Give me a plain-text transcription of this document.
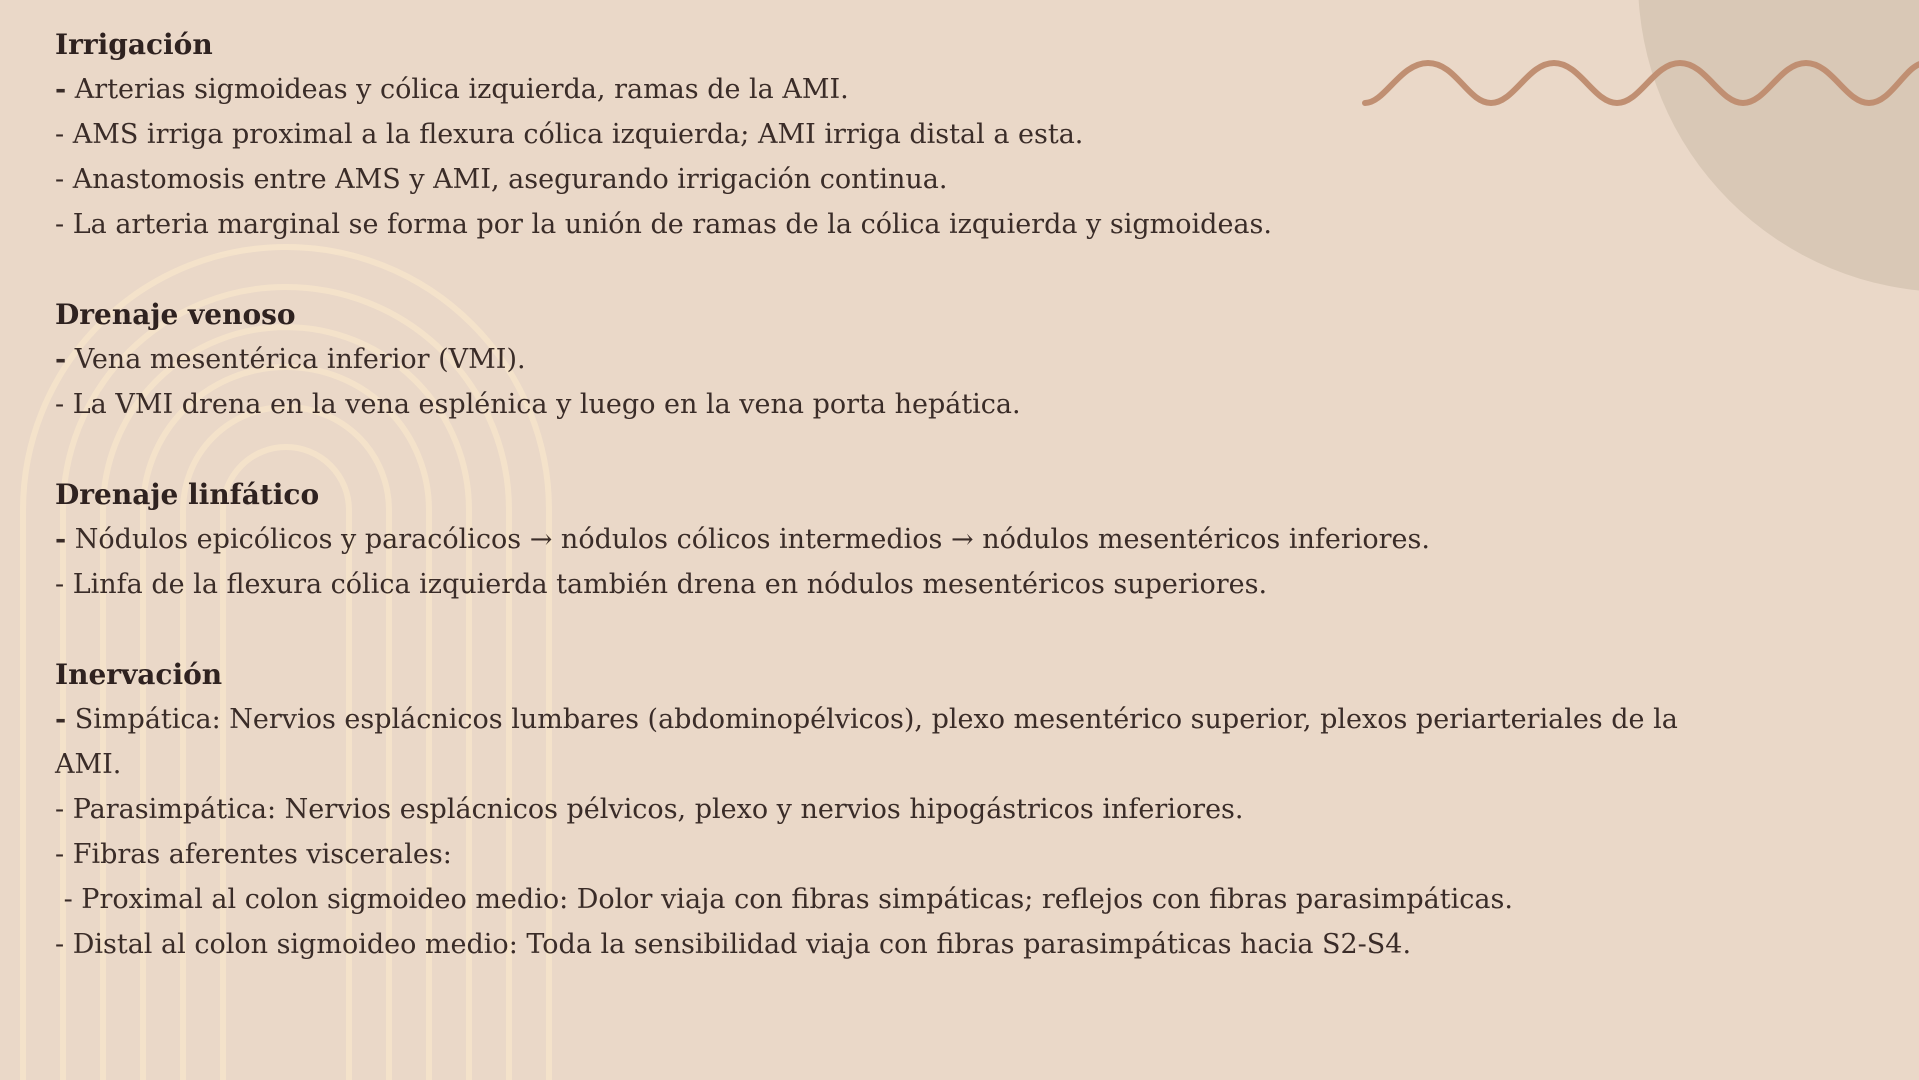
Irrigación
- Arterias sigmoideas y cólica izquierda, ramas de la AMI.
- AMS irriga proximal a la flexura cólica izquierda; AMI irriga distal a esta.
- Anastomosis entre AMS y AMI, asegurando irrigación continua.
- La arteria marginal se forma por la unión de ramas de la cólica izquierda y sigmoideas.
Drenaje venoso
- Vena mesentérica inferior (VMI).
- La VMI drena en la vena esplénica y luego en la vena porta hepática.
Drenaje linfático
- Nódulos epicólicos y paracólicos → nódulos cólicos intermedios → nódulos mesentéricos inferiores.
- Linfa de la flexura cólica izquierda también drena en nódulos mesentéricos superiores.
Inervación
- Simpática: Nervios esplácnicos lumbares (abdominopélvicos), plexo mesentérico superior, plexos periarteriales de la
AMI.
- Parasimpática: Nervios esplácnicos pélvicos, plexo y nervios hipogástricos inferiores.
- Fibras aferentes viscerales:
- Proximal al colon sigmoideo medio: Dolor viaja con fibras simpáticas; reflejos con fibras parasimpáticas.
- Distal al colon sigmoideo medio: Toda la sensibilidad viaja con fibras parasimpáticas hacia S2-S4.
